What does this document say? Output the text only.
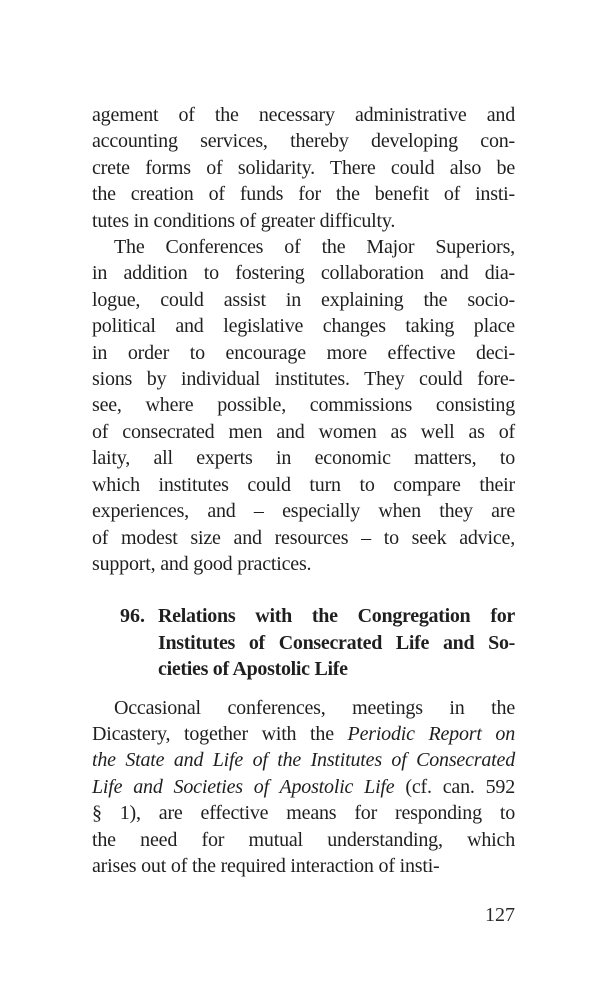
agement of the necessary administrative and
accounting services, thereby developing con-
crete forms of solidarity. There could also be
the creation of funds for the benefit of insti-
tutes in conditions of greater difficulty.
The Conferences of the Major Superiors,
in addition to fostering collaboration and dia-
logue, could assist in explaining the socio-
political and legislative changes taking place
in order to encourage more effective deci-
sions by individual institutes. They could fore-
see, where possible, commissions consisting
of consecrated men and women as well as of
laity, all experts in economic matters, to
which institutes could turn to compare their
experiences, and – especially when they are
of modest size and resources – to seek advice,
support, and good practices.
96. Relations with the Congregation for
Institutes of Consecrated Life and So-
cieties of Apostolic Life
Occasional conferences, meetings in the
Dicastery, together with the Periodic Report on
the State and Life of the Institutes of Consecrated
Life and Societies of Apostolic Life (cf. can. 592
§ 1), are effective means for responding to
the need for mutual understanding, which
arises out of the required interaction of insti-
127
